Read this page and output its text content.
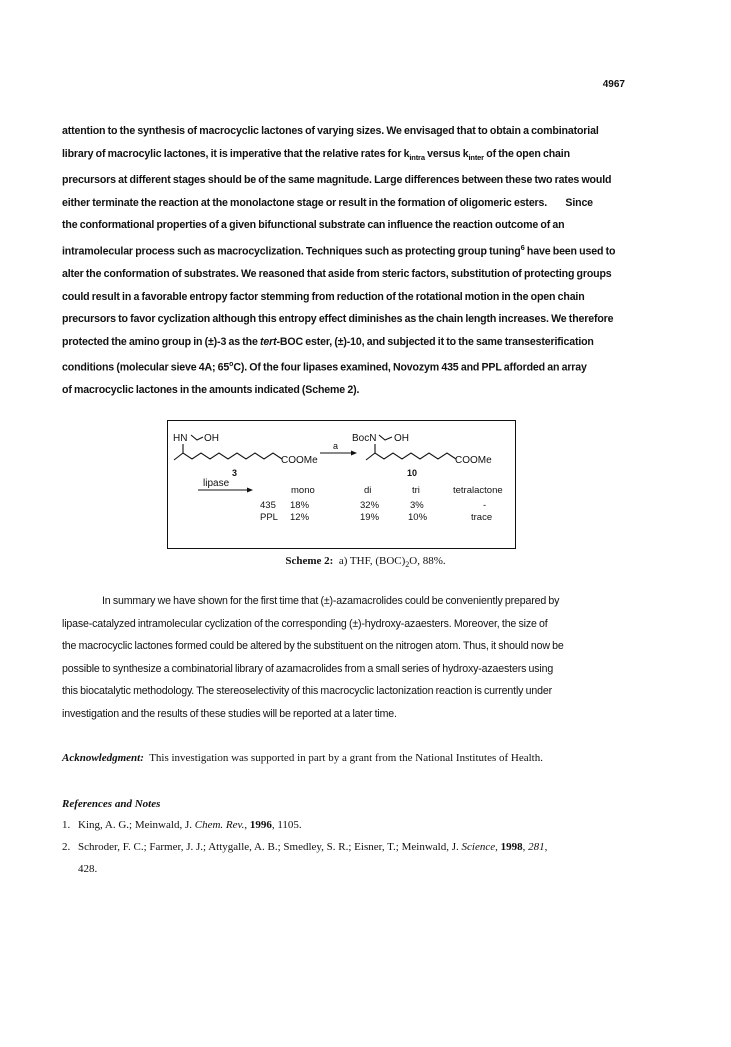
4967
attention to the synthesis of macrocyclic lactones of varying sizes. We envisaged that to obtain a combinatorial
library of macrocylic lactones, it is imperative that the relative rates for $k_{intra}$ versus $k_{inter}$ of the open chain
precursors at different stages should be of the same magnitude. Large differences between these two rates would
either terminate the reaction at the monolactone stage or result in the formation of oligomeric esters.        Since
the conformational properties of a given bifunctional substrate can influence the reaction outcome of an
intramolecular process such as macrocyclization. Techniques such as protecting group tuning$^6$ have been used to
alter the conformation of substrates. We reasoned that aside from steric factors, substitution of protecting groups
could result in a favorable entropy factor stemming from reduction of the rotational motion in the open chain
precursors to favor cyclization although this entropy effect diminishes as the chain length increases. We therefore
protected the amino group in (±)-3 as the tert-BOC ester, (±)-10, and subjected it to the same transesterification
conditions (molecular sieve 4A; 65$^o$C). Of the four lipases examined, Novozym 435 and PPL afforded an array
of macrocyclic lactones in the amounts indicated (Scheme 2).
HN OH
COOMe
3
a
BocN OH
COOMe
10
lipase
mono	di	tri	tetralactone
435 18%	32%	3%	-
PPL 12%	19%	10%	trace
Scheme 2:  a) THF, $(BOC)_2O$, 88%.
In summary we have shown for the first time that (±)-azamacrolides could be conveniently prepared by
lipase-catalyzed intramolecular cyclization of the corresponding (±)-hydroxy-azaesters. Moreover, the size of
the macrocyclic lactones formed could be altered by the substituent on the nitrogen atom. Thus, it should now be
possible to synthesize a combinatorial library of azamacrolides from a small series of hydroxy-azaesters using
this biocatalytic methodology. The stereoselectivity of this macrocyclic lactonization reaction is currently under
investigation and the results of these studies will be reported at a later time.
Acknowledgment:  This investigation was supported in part by a grant from the National Institutes of Health.
References and Notes
1. King, A. G.; Meinwald, J. Chem. Rev., 1996, 1105.
2. Schroder, F. C.; Farmer, J. J.; Attygalle, A. B.; Smedley, S. R.; Eisner, T.; Meinwald, J. Science, 1998, 281,
428.
